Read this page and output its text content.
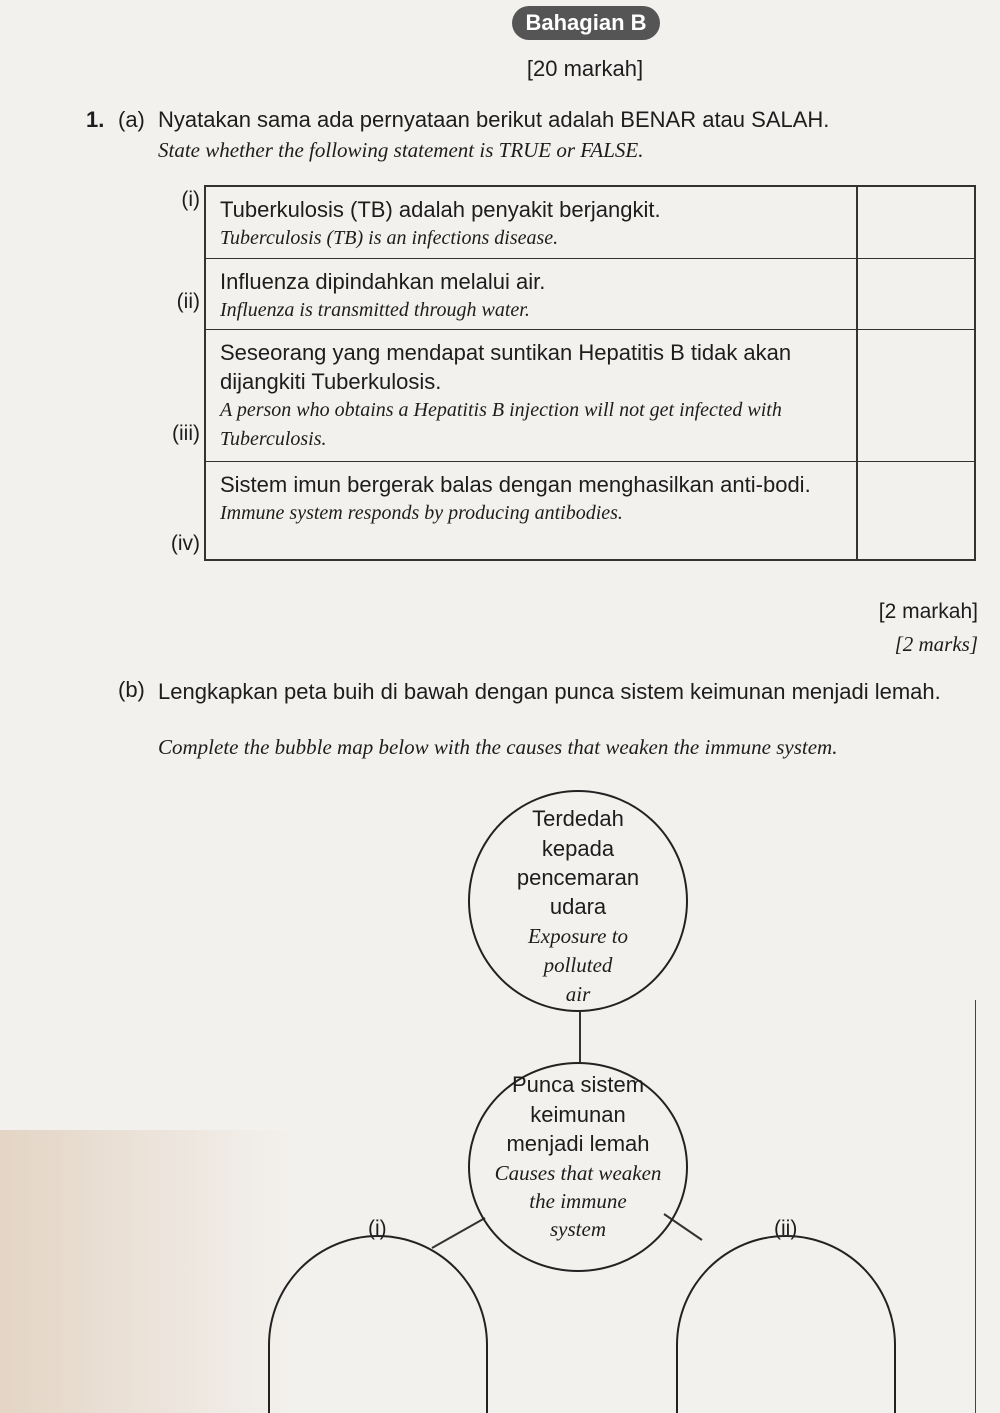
Bahagian B
[20 markah]
1. (a) Nyatakan sama ada pernyataan berikut adalah BENAR atau SALAH.
State whether the following statement is TRUE or FALSE.
(i)
(ii)
(iii)
(iv)
Tuberkulosis (TB) adalah penyakit berjangkit.
Tuberculosis (TB) is an infections disease.
Influenza dipindahkan melalui air.
Influenza is transmitted through water.
Seseorang yang mendapat suntikan Hepatitis B tidak akan dijangkiti Tuberkulosis.
A person who obtains a Hepatitis B injection will not get infected with Tuberculosis.
Sistem imun bergerak balas dengan menghasilkan anti-bodi.
Immune system responds by producing antibodies.
[2 markah]
[2 marks]
(b) Lengkapkan peta buih di bawah dengan punca sistem keimunan menjadi lemah.
Complete the bubble map below with the causes that weaken the immune system.
Terdedah
kepada
pencemaran
udara
Exposure to
polluted
air
Punca sistem
keimunan
menjadi lemah
Causes that weaken
the immune
system
(i)	(ii)
